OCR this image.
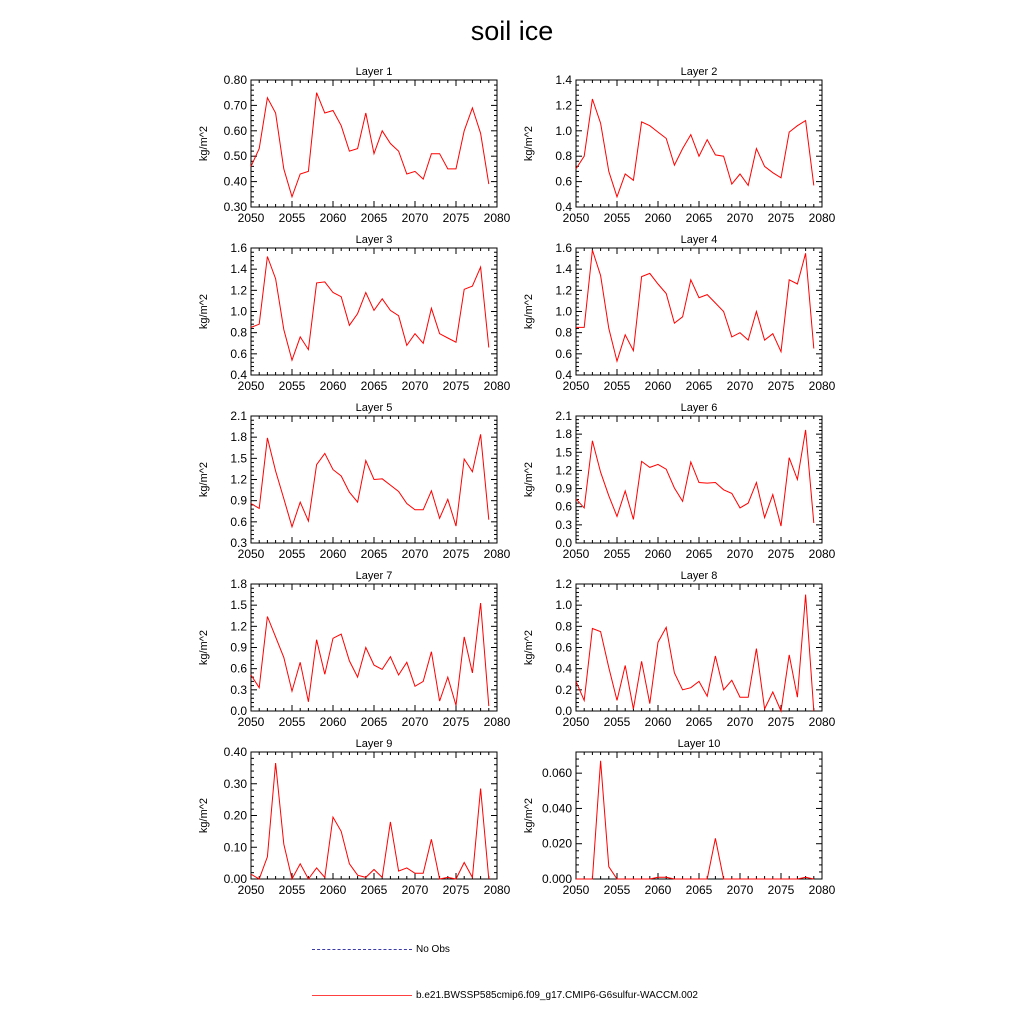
soil ice
Layer 1
kg/m^2
2050 2055 2060 2065 2070 2075 2080
0.30
0.40
0.50
0.60
0.70
0.80
Layer 2
kg/m^2
2050 2055 2060 2065 2070 2075 2080
0.4
0.6
0.8
1.0
1.2
1.4
Layer 3
kg/m^2
2050 2055 2060 2065 2070 2075 2080
0.4
0.6
0.8
1.0
1.2
1.4
1.6
Layer 4
kg/m^2
2050 2055 2060 2065 2070 2075 2080
0.4
0.6
0.8
1.0
1.2
1.4
1.6
Layer 5
kg/m^2
2050 2055 2060 2065 2070 2075 2080
0.3
0.6
0.9
1.2
1.5
1.8
2.1
Layer 6
kg/m^2
2050 2055 2060 2065 2070 2075 2080
0.0
0.3
0.6
0.9
1.2
1.5
1.8
2.1
Layer 7
kg/m^2
2050 2055 2060 2065 2070 2075 2080
0.0
0.3
0.6
0.9
1.2
1.5
1.8
Layer 8
kg/m^2
2050 2055 2060 2065 2070 2075 2080
0.0
0.2
0.4
0.6
0.8
1.0
1.2
Layer 9
kg/m^2
2050 2055 2060 2065 2070 2075 2080
0.00
0.10
0.20
0.30
0.40
Layer 10
kg/m^2
2050 2055 2060 2065 2070 2075 2080
0.000
0.020
0.040
0.060
No Obs
b.e21.BWSSP585cmip6.f09_g17.CMIP6-G6sulfur-WACCM.002
